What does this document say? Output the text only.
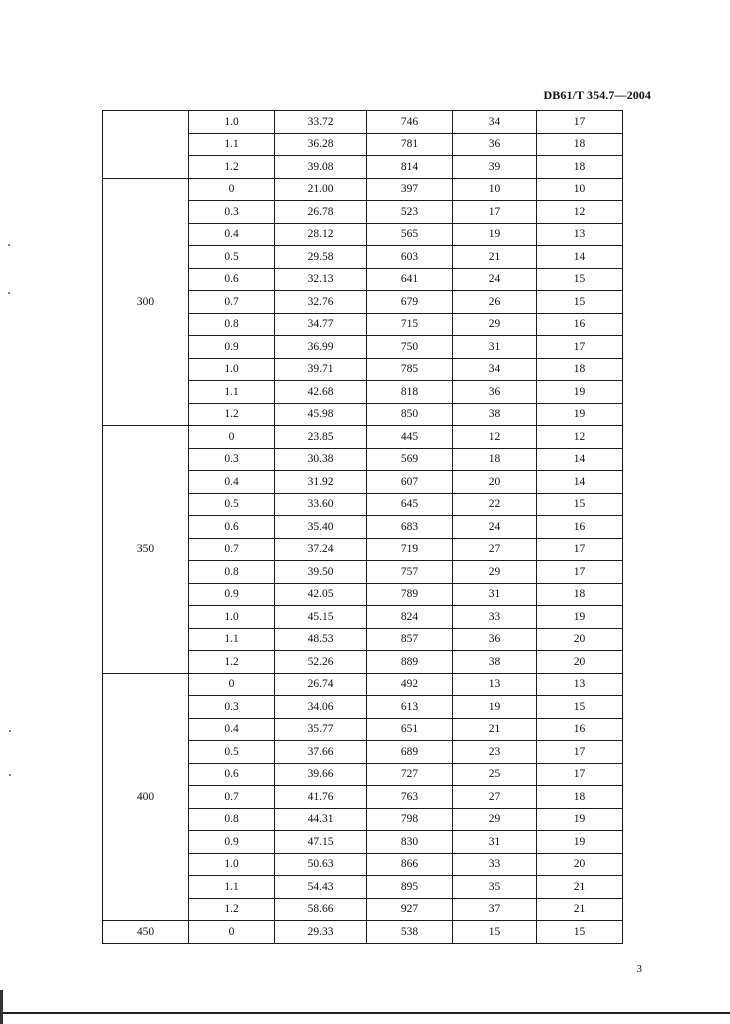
DB61/T 354.7—2004
	1.0	33.72	746	34	17
	1.1	36.28	781	36	18
	1.2	39.08	814	39	18
300	0	21.00	397	10	10
	0.3	26.78	523	17	12
	0.4	28.12	565	19	13
	0.5	29.58	603	21	14
	0.6	32.13	641	24	15
	0.7	32.76	679	26	15
	0.8	34.77	715	29	16
	0.9	36.99	750	31	17
	1.0	39.71	785	34	18
	1.1	42.68	818	36	19
	1.2	45.98	850	38	19
350	0	23.85	445	12	12
	0.3	30.38	569	18	14
	0.4	31.92	607	20	14
	0.5	33.60	645	22	15
	0.6	35.40	683	24	16
	0.7	37.24	719	27	17
	0.8	39.50	757	29	17
	0.9	42.05	789	31	18
	1.0	45.15	824	33	19
	1.1	48.53	857	36	20
	1.2	52.26	889	38	20
400	0	26.74	492	13	13
	0.3	34.06	613	19	15
	0.4	35.77	651	21	16
	0.5	37.66	689	23	17
	0.6	39.66	727	25	17
	0.7	41.76	763	27	18
	0.8	44.31	798	29	19
	0.9	47.15	830	31	19
	1.0	50.63	866	33	20
	1.1	54.43	895	35	21
	1.2	58.66	927	37	21
450	0	29.33	538	15	15
3
